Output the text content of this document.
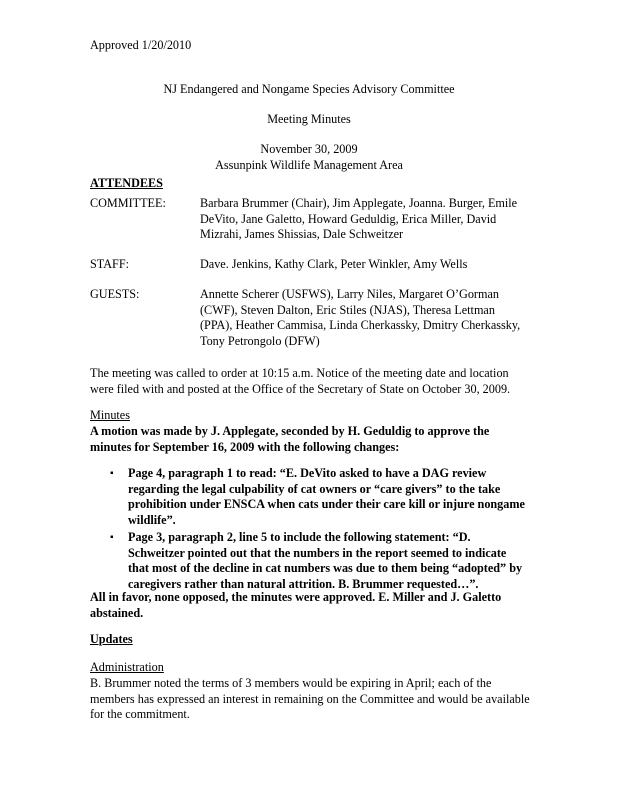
Approved 1/20/2010
NJ Endangered and Nongame Species Advisory Committee
Meeting Minutes
November 30, 2009
Assunpink Wildlife Management Area
ATTENDEES
COMMITTEE:	Barbara Brummer (Chair), Jim Applegate, Joanna. Burger, Emile DeVito, Jane Galetto, Howard Geduldig, Erica Miller, David Mizrahi, James Shissias, Dale Schweitzer
STAFF:	Dave. Jenkins, Kathy Clark, Peter Winkler, Amy Wells
GUESTS:	Annette Scherer (USFWS), Larry Niles, Margaret O’Gorman (CWF), Steven Dalton, Eric Stiles (NJAS), Theresa Lettman (PPA), Heather Cammisa, Linda Cherkassky, Dmitry Cherkassky, Tony Petrongolo (DFW)
The meeting was called to order at 10:15 a.m. Notice of the meeting date and location were filed with and posted at the Office of the Secretary of State on October 30, 2009.
Minutes
A motion was made by J. Applegate, seconded by H. Geduldig to approve the minutes for September 16, 2009 with the following changes:
▪ Page 4, paragraph 1 to read: “E. DeVito asked to have a DAG review regarding the legal culpability of cat owners or “care givers” to the take prohibition under ENSCA when cats under their care kill or injure nongame wildlife”.
▪ Page 3, paragraph 2, line 5 to include the following statement: “D. Schweitzer pointed out that the numbers in the report seemed to indicate that most of the decline in cat numbers was due to them being “adopted” by caregivers rather than natural attrition. B. Brummer requested…”.
All in favor, none opposed, the minutes were approved. E. Miller and J. Galetto abstained.
Updates
Administration
B. Brummer noted the terms of 3 members would be expiring in April; each of the members has expressed an interest in remaining on the Committee and would be available for the commitment.
